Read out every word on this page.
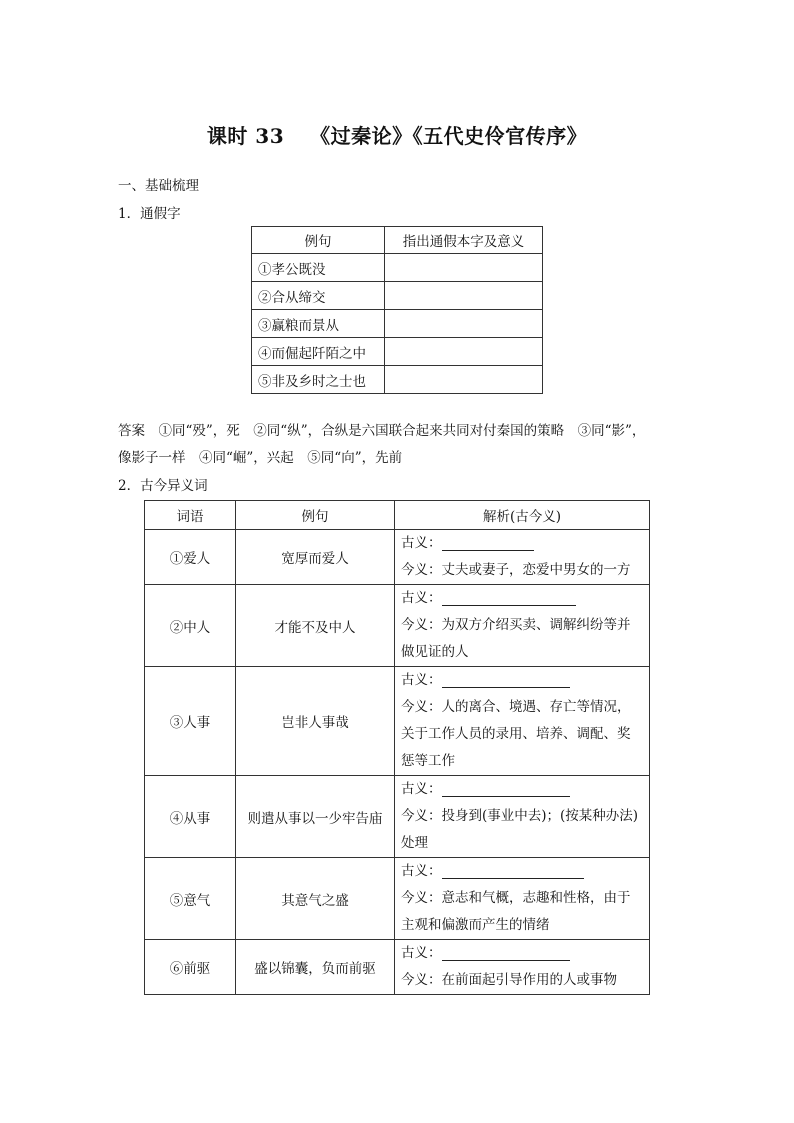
课时 33 《过秦论》《五代史伶官传序》
一、基础梳理
1．通假字
例句	指出通假本字及意义
①孝公既没	
②合从缔交	
③赢粮而景从	
④而倔起阡陌之中	
⑤非及乡时之士也	
答案　 ①同“殁”，死　②同“纵”，合纵是六国联合起来共同对付秦国的策略　③同“影”，
像影子一样　④同“崛”，兴起　⑤同“向”，先前
2．古今异义词
词语	例句	解析(古今义)
①爱人	宽厚而爱人	古义：
今义：丈夫或妻子，恋爱中男女的一方

②中人	才能不及中人	古义：
今义：为双方介绍买卖、调解纠纷等并
做见证的人

③人事	岂非人事哉	古义：
今义：人的离合、境遇、存亡等情况，
关于工作人员的录用、培养、调配、奖
惩等工作

④从事	则遣从事以一少牢告庙	古义：
今义：投身到(事业中去)；(按某种办法)
处理

⑤意气	其意气之盛	古义：
今义：意志和气概，志趣和性格，由于
主观和偏激而产生的情绪

⑥前驱	盛以锦囊，负而前驱	古义：
今义：在前面起引导作用的人或事物
